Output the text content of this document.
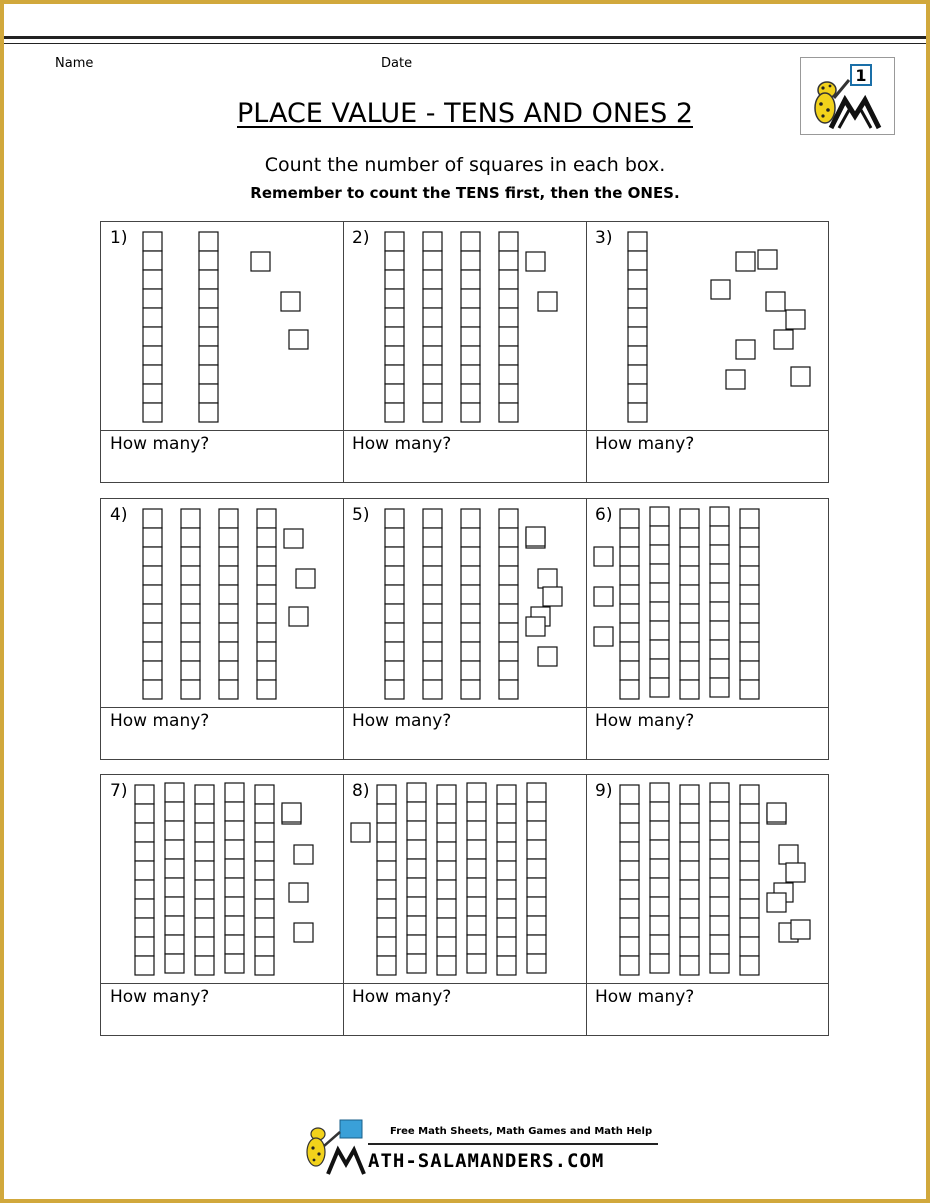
Name	Date
1
PLACE VALUE - TENS AND ONES 2
Count the number of squares in each box.
Remember to count the TENS first, then the ONES.
1)
How many?
2)
How many?
3)
How many?
4)
How many?
5)
How many?
6)
How many?
7)
How many?
8)
How many?
9)
How many?
Free Math Sheets, Math Games and Math Help
ATH-SALAMANDERS.COM
